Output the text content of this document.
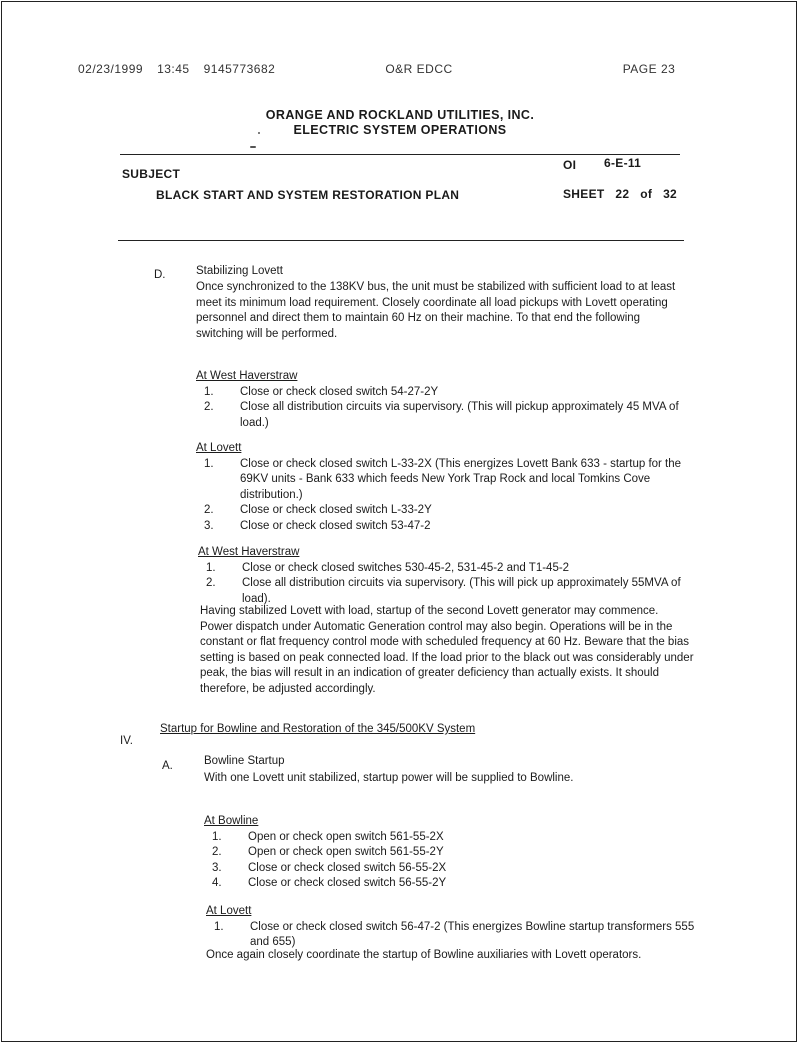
02/23/1999 13:45 9145773682	O&R EDCC	PAGE 23
ORANGE AND ROCKLAND UTILITIES, INC.
ELECTRIC SYSTEM OPERATIONS
SUBJECT
OI 6-E-11
BLACK START AND SYSTEM RESTORATION PLAN	SHEET   22   of   32
D.	Stabilizing Lovett
Once synchronized to the 138KV bus, the unit must be stabilized with sufficient load to at least meet its minimum load requirement. Closely coordinate all load pickups with Lovett operating personnel and direct them to maintain 60 Hz on their machine. To that end the following switching will be performed.
At West Haverstraw
1.	Close or check closed switch 54-27-2Y
2.	Close all distribution circuits via supervisory. (This will pickup approximately 45 MVA of load.)
At Lovett
1.	Close or check closed switch L-33-2X (This energizes Lovett Bank 633 - startup for the 69KV units - Bank 633 which feeds New York Trap Rock and local Tomkins Cove distribution.)
2.	Close or check closed switch L-33-2Y
3.	Close or check closed switch 53-47-2
At West Haverstraw
1.	Close or check closed switches 530-45-2, 531-45-2 and T1-45-2
2.	Close all distribution circuits via supervisory. (This will pick up approximately 55MVA of load).
Having stabilized Lovett with load, startup of the second Lovett generator may commence. Power dispatch under Automatic Generation control may also begin. Operations will be in the constant or flat frequency control mode with scheduled frequency at 60 Hz. Beware that the bias setting is based on peak connected load. If the load prior to the black out was considerably under peak, the bias will result in an indication of greater deficiency than actually exists. It should therefore, be adjusted accordingly.
IV.
Startup for Bowline and Restoration of the 345/500KV System
A.	Bowline Startup
With one Lovett unit stabilized, startup power will be supplied to Bowline.
At Bowline
1.	Open or check open switch 561-55-2X
2.	Open or check open switch 561-55-2Y
3.	Close or check closed switch 56-55-2X
4.	Close or check closed switch 56-55-2Y
At Lovett
1.	Close or check closed switch 56-47-2 (This energizes Bowline startup transformers 555 and 655)
Once again closely coordinate the startup of Bowline auxiliaries with Lovett operators.
